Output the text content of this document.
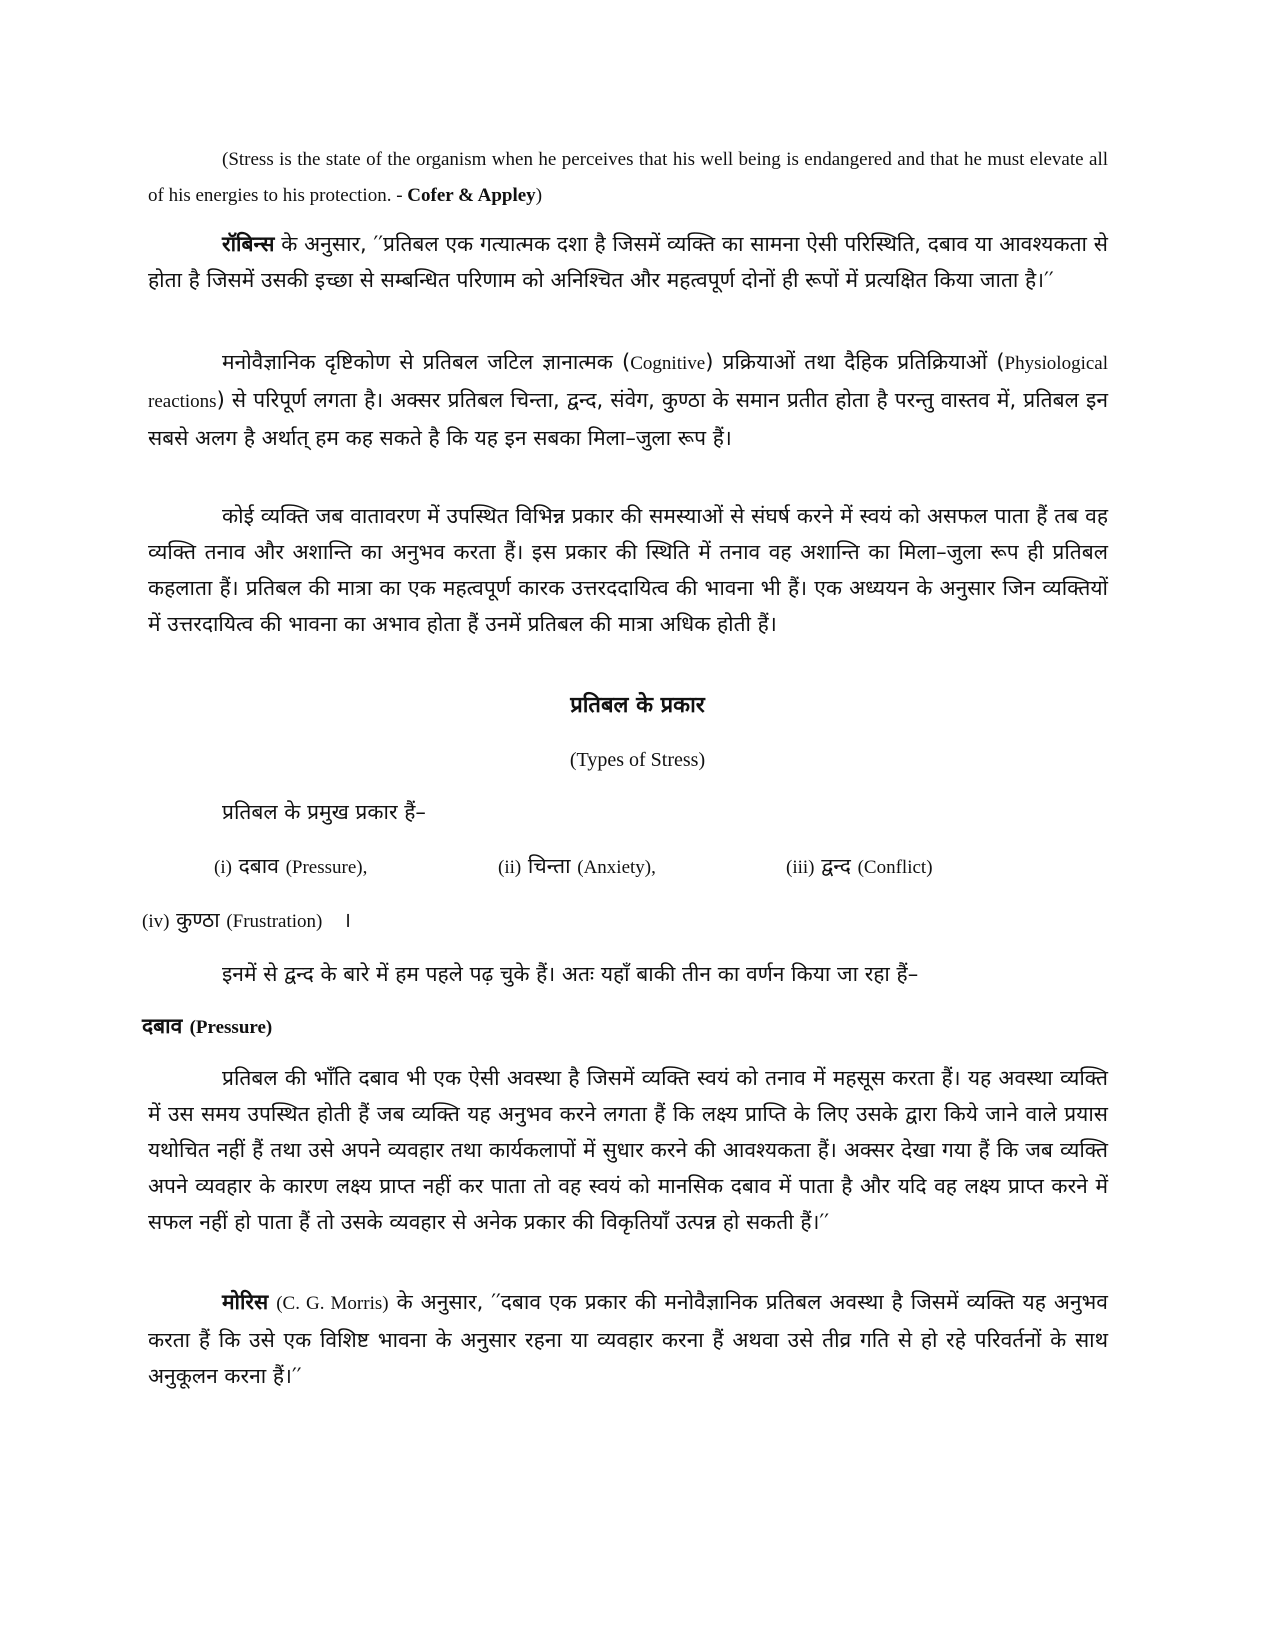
(Stress is the state of the organism when he perceives that his well being is endangered and that he must elevate all of his energies to his protection. - Cofer & Appley)

रॉबिन्स के अनुसार, ′′प्रतिबल एक गत्यात्मक दशा है जिसमें व्यक्ति का सामना ऐसी परिस्थिति, दबाव या आवश्यकता से होता है जिसमें उसकी इच्छा से सम्बन्धित परिणाम को अनिश्चित और महत्वपूर्ण दोनों ही रूपों में प्रत्यक्षित किया जाता है।′′

मनोवैज्ञानिक दृष्टिकोण से प्रतिबल जटिल ज्ञानात्मक (Cognitive) प्रक्रियाओं तथा दैहिक प्रतिक्रियाओं (Physiological reactions) से परिपूर्ण लगता है। अक्सर प्रतिबल चिन्ता, द्वन्द, संवेग, कुण्ठा के समान प्रतीत होता है परन्तु वास्तव में, प्रतिबल इन सबसे अलग है अर्थात् हम कह सकते है कि यह इन सबका मिला–जुला रूप हैं।

कोई व्यक्ति जब वातावरण में उपस्थित विभिन्न प्रकार की समस्याओं से संघर्ष करने में स्वयं को असफल पाता हैं तब वह व्यक्ति तनाव और अशान्ति का अनुभव करता हैं। इस प्रकार की स्थिति में तनाव वह अशान्ति का मिला–जुला रूप ही प्रतिबल कहलाता हैं। प्रतिबल की मात्रा का एक महत्वपूर्ण कारक उत्तरददायित्व की भावना भी हैं। एक अध्ययन के अनुसार जिन व्यक्तियों में उत्तरदायित्व की भावना का अभाव होता हैं उनमें प्रतिबल की मात्रा अधिक होती हैं।

प्रतिबल के प्रकार

(Types of Stress)

प्रतिबल के प्रमुख प्रकार हैं–

(i) दबाव (Pressure),	(ii) चिन्ता (Anxiety),	(iii) द्वन्द (Conflict)
(iv) कुण्ठा (Frustration) ।

इनमें से द्वन्द के बारे में हम पहले पढ़ चुके हैं। अतः यहाँ बाकी तीन का वर्णन किया जा रहा हैं–

दबाव (Pressure)

प्रतिबल की भाँति दबाव भी एक ऐसी अवस्था है जिसमें व्यक्ति स्वयं को तनाव में महसूस करता हैं। यह अवस्था व्यक्ति में उस समय उपस्थित होती हैं जब व्यक्ति यह अनुभव करने लगता हैं कि लक्ष्य प्राप्ति के लिए उसके द्वारा किये जाने वाले प्रयास यथोचित नहीं हैं तथा उसे अपने व्यवहार तथा कार्यकलापों में सुधार करने की आवश्यकता हैं। अक्सर देखा गया हैं कि जब व्यक्ति अपने व्यवहार के कारण लक्ष्य प्राप्त नहीं कर पाता तो वह स्वयं को मानसिक दबाव में पाता है और यदि वह लक्ष्य प्राप्त करने में सफल नहीं हो पाता हैं तो उसके व्यवहार से अनेक प्रकार की विकृतियाँ उत्पन्न हो सकती हैं।′′

मोरिस (C. G. Morris) के अनुसार, ′′दबाव एक प्रकार की मनोवैज्ञानिक प्रतिबल अवस्था है जिसमें व्यक्ति यह अनुभव करता हैं कि उसे एक विशिष्ट भावना के अनुसार रहना या व्यवहार करना हैं अथवा उसे तीव्र गति से हो रहे परिवर्तनों के साथ अनुकूलन करना हैं।′′
